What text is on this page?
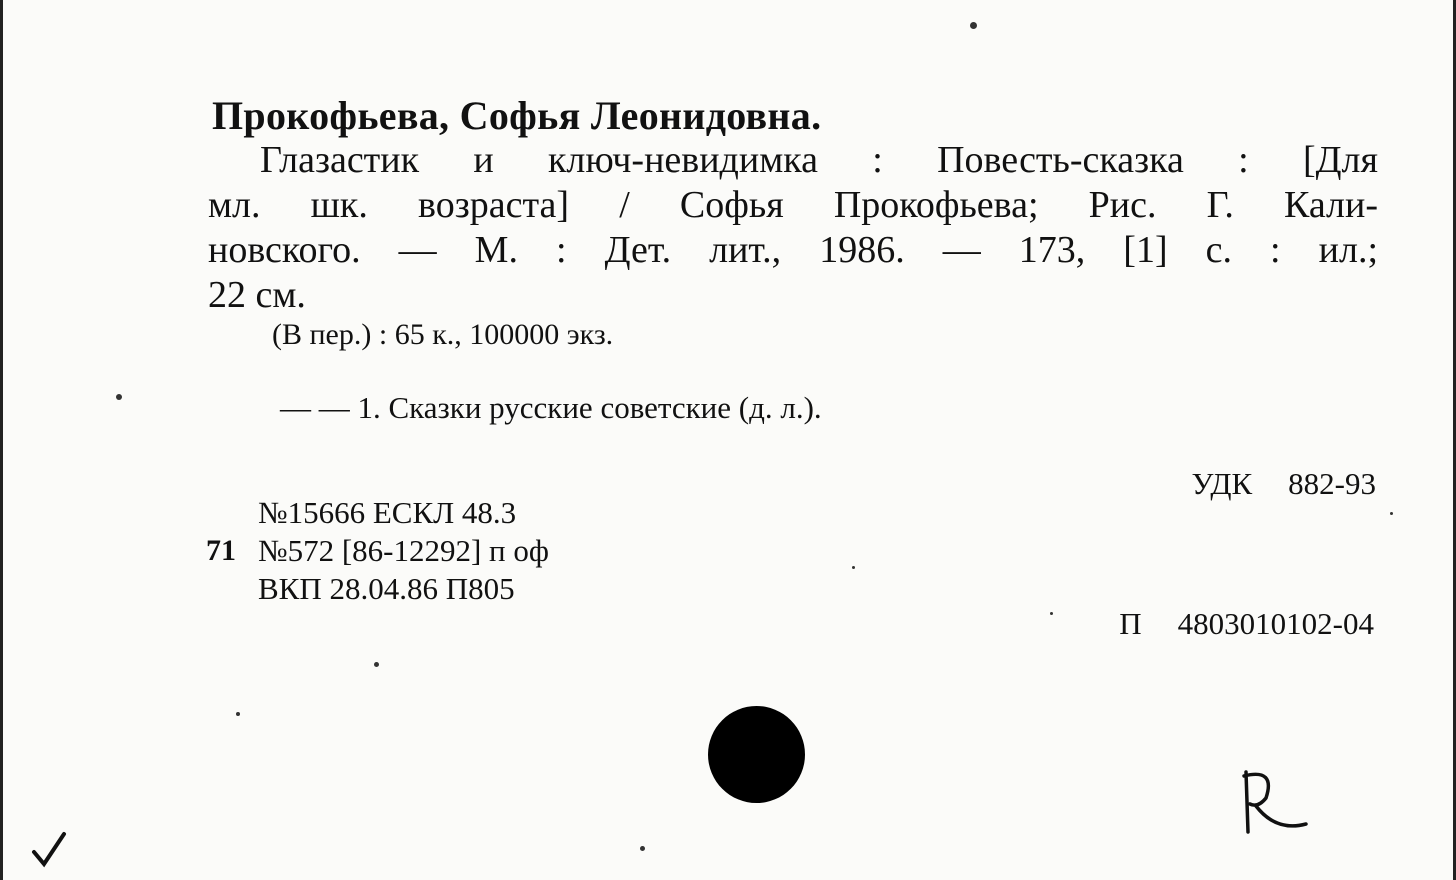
Прокофьева, Софья Леонидовна.
Глазастик и ключ-невидимка : Повесть-сказка : [Для
мл. шк. возраста] / Софья Прокофьева; Рис. Г. Кали-
новского. — М. : Дет. лит., 1986. — 173, [1] с. : ил.;
22 см.
(В пер.) : 65 к., 100000 экз.
— — 1. Сказки русские советские (д. л.).
УДК 882-93
№15666 ЕСКЛ 48.3
71 №572 [86-12292] п оф
ВКП 28.04.86 П805
П 4803010102-04
